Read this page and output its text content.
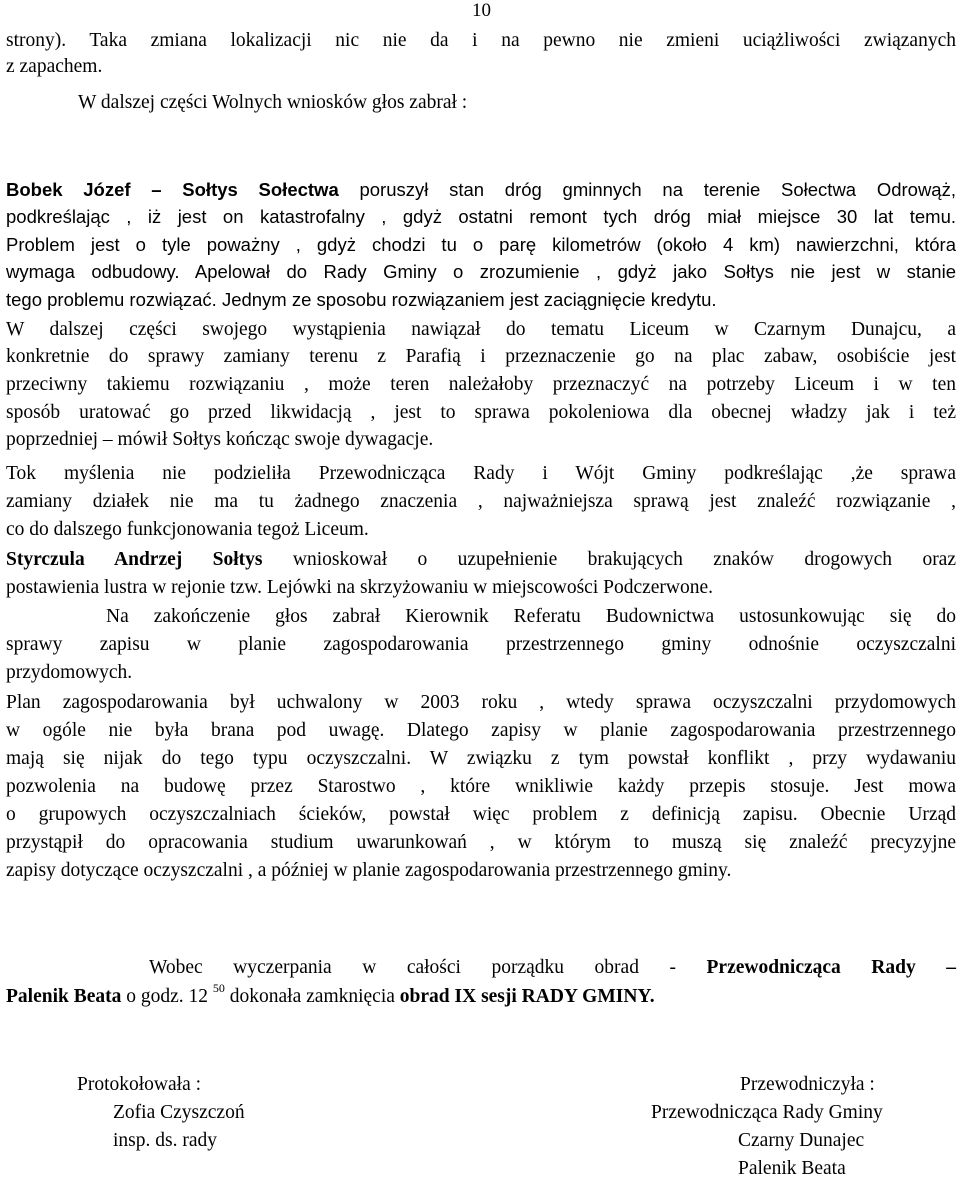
10
strony). Taka zmiana lokalizacji nic nie da i na pewno nie zmieni uciążliwości związanych
z zapachem.
W dalszej części Wolnych wniosków głos zabrał :
Bobek Józef – Sołtys Sołectwa poruszył stan dróg gminnych na terenie Sołectwa Odrowąż,
podkreślając , iż jest on katastrofalny , gdyż ostatni remont tych dróg miał miejsce 30 lat temu.
Problem jest o tyle poważny , gdyż chodzi tu o parę kilometrów (około 4 km) nawierzchni, która
wymaga odbudowy. Apelował do Rady Gminy o zrozumienie , gdyż jako Sołtys nie jest w stanie
tego problemu rozwiązać. Jednym ze sposobu rozwiązaniem jest zaciągnięcie kredytu.
W dalszej części swojego wystąpienia nawiązał do tematu Liceum w Czarnym Dunajcu, a
konkretnie do sprawy zamiany terenu z Parafią i przeznaczenie go na plac zabaw, osobiście jest
przeciwny takiemu rozwiązaniu , może teren należałoby przeznaczyć na potrzeby Liceum i w ten
sposób uratować go przed likwidacją , jest to sprawa pokoleniowa dla obecnej władzy jak i też
poprzedniej – mówił Sołtys kończąc swoje dywagacje.
Tok myślenia nie podzieliła Przewodnicząca Rady i Wójt Gminy podkreślając ,że sprawa
zamiany działek nie ma tu żadnego znaczenia , najważniejsza sprawą jest znaleźć rozwiązanie ,
co do dalszego funkcjonowania tegoż Liceum.
Styrczula Andrzej Sołtys wnioskował o uzupełnienie brakujących znaków drogowych oraz
postawienia lustra w rejonie tzw. Lejówki na skrzyżowaniu w miejscowości Podczerwone.
Na zakończenie głos zabrał Kierownik Referatu Budownictwa ustosunkowując się do
sprawy zapisu w planie zagospodarowania przestrzennego gminy odnośnie oczyszczalni
przydomowych.
Plan zagospodarowania był uchwalony w 2003 roku , wtedy sprawa oczyszczalni przydomowych
w ogóle nie była brana pod uwagę. Dlatego zapisy w planie zagospodarowania przestrzennego
mają się nijak do tego typu oczyszczalni. W związku z tym powstał konflikt , przy wydawaniu
pozwolenia na budowę przez Starostwo , które wnikliwie każdy przepis stosuje. Jest mowa
o grupowych oczyszczalniach ścieków, powstał więc problem z definicją zapisu. Obecnie Urząd
przystąpił do opracowania studium uwarunkowań , w którym to muszą się znaleźć precyzyjne
zapisy dotyczące oczyszczalni , a później w planie zagospodarowania przestrzennego gminy.
Wobec wyczerpania w całości porządku obrad - Przewodnicząca Rady –
Palenik Beata o godz. 12 $^{50}$ dokonała zamknięcia obrad IX sesji RADY GMINY.
Protokołowała :
Zofia Czyszczoń
insp. ds. rady
Przewodniczyła :
Przewodnicząca Rady Gminy
Czarny Dunajec
Palenik Beata
